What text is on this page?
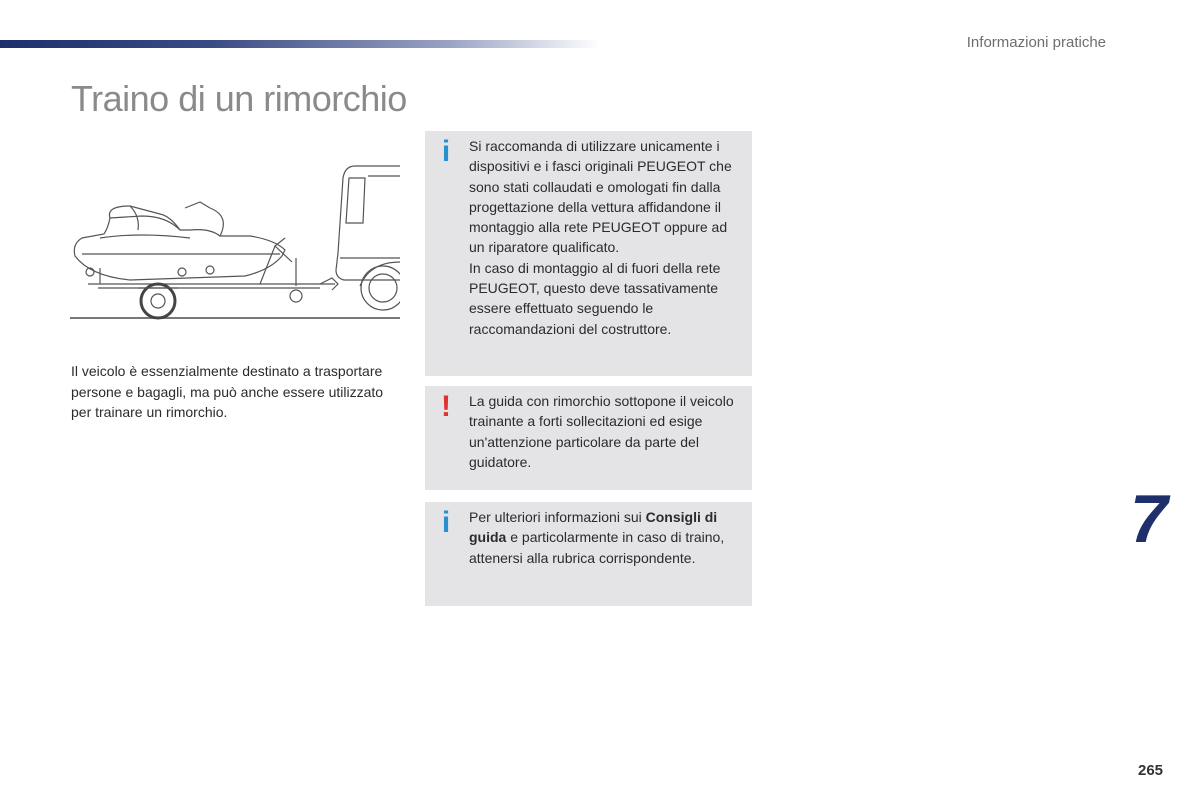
Informazioni pratiche
Traino di un rimorchio

Il veicolo è essenzialmente destinato a trasportare persone e bagagli, ma può anche essere utilizzato per trainare un rimorchio.

i	Si raccomanda di utilizzare unicamente i dispositivi e i fasci originali PEUGEOT che sono stati collaudati e omologati fin dalla progettazione della vettura affidandone il montaggio alla rete PEUGEOT oppure ad un riparatore qualificato.
In caso di montaggio al di fuori della rete PEUGEOT, questo deve tassativamente essere effettuato seguendo le raccomandazioni del costruttore.
! La guida con rimorchio sottopone il veicolo trainante a forti sollecitazioni ed esige un'attenzione particolare da parte del guidatore.
i	Per ulteriori informazioni sui Consigli di guida e particolarmente in caso di traino, attenersi alla rubrica corrispondente.
7
265
